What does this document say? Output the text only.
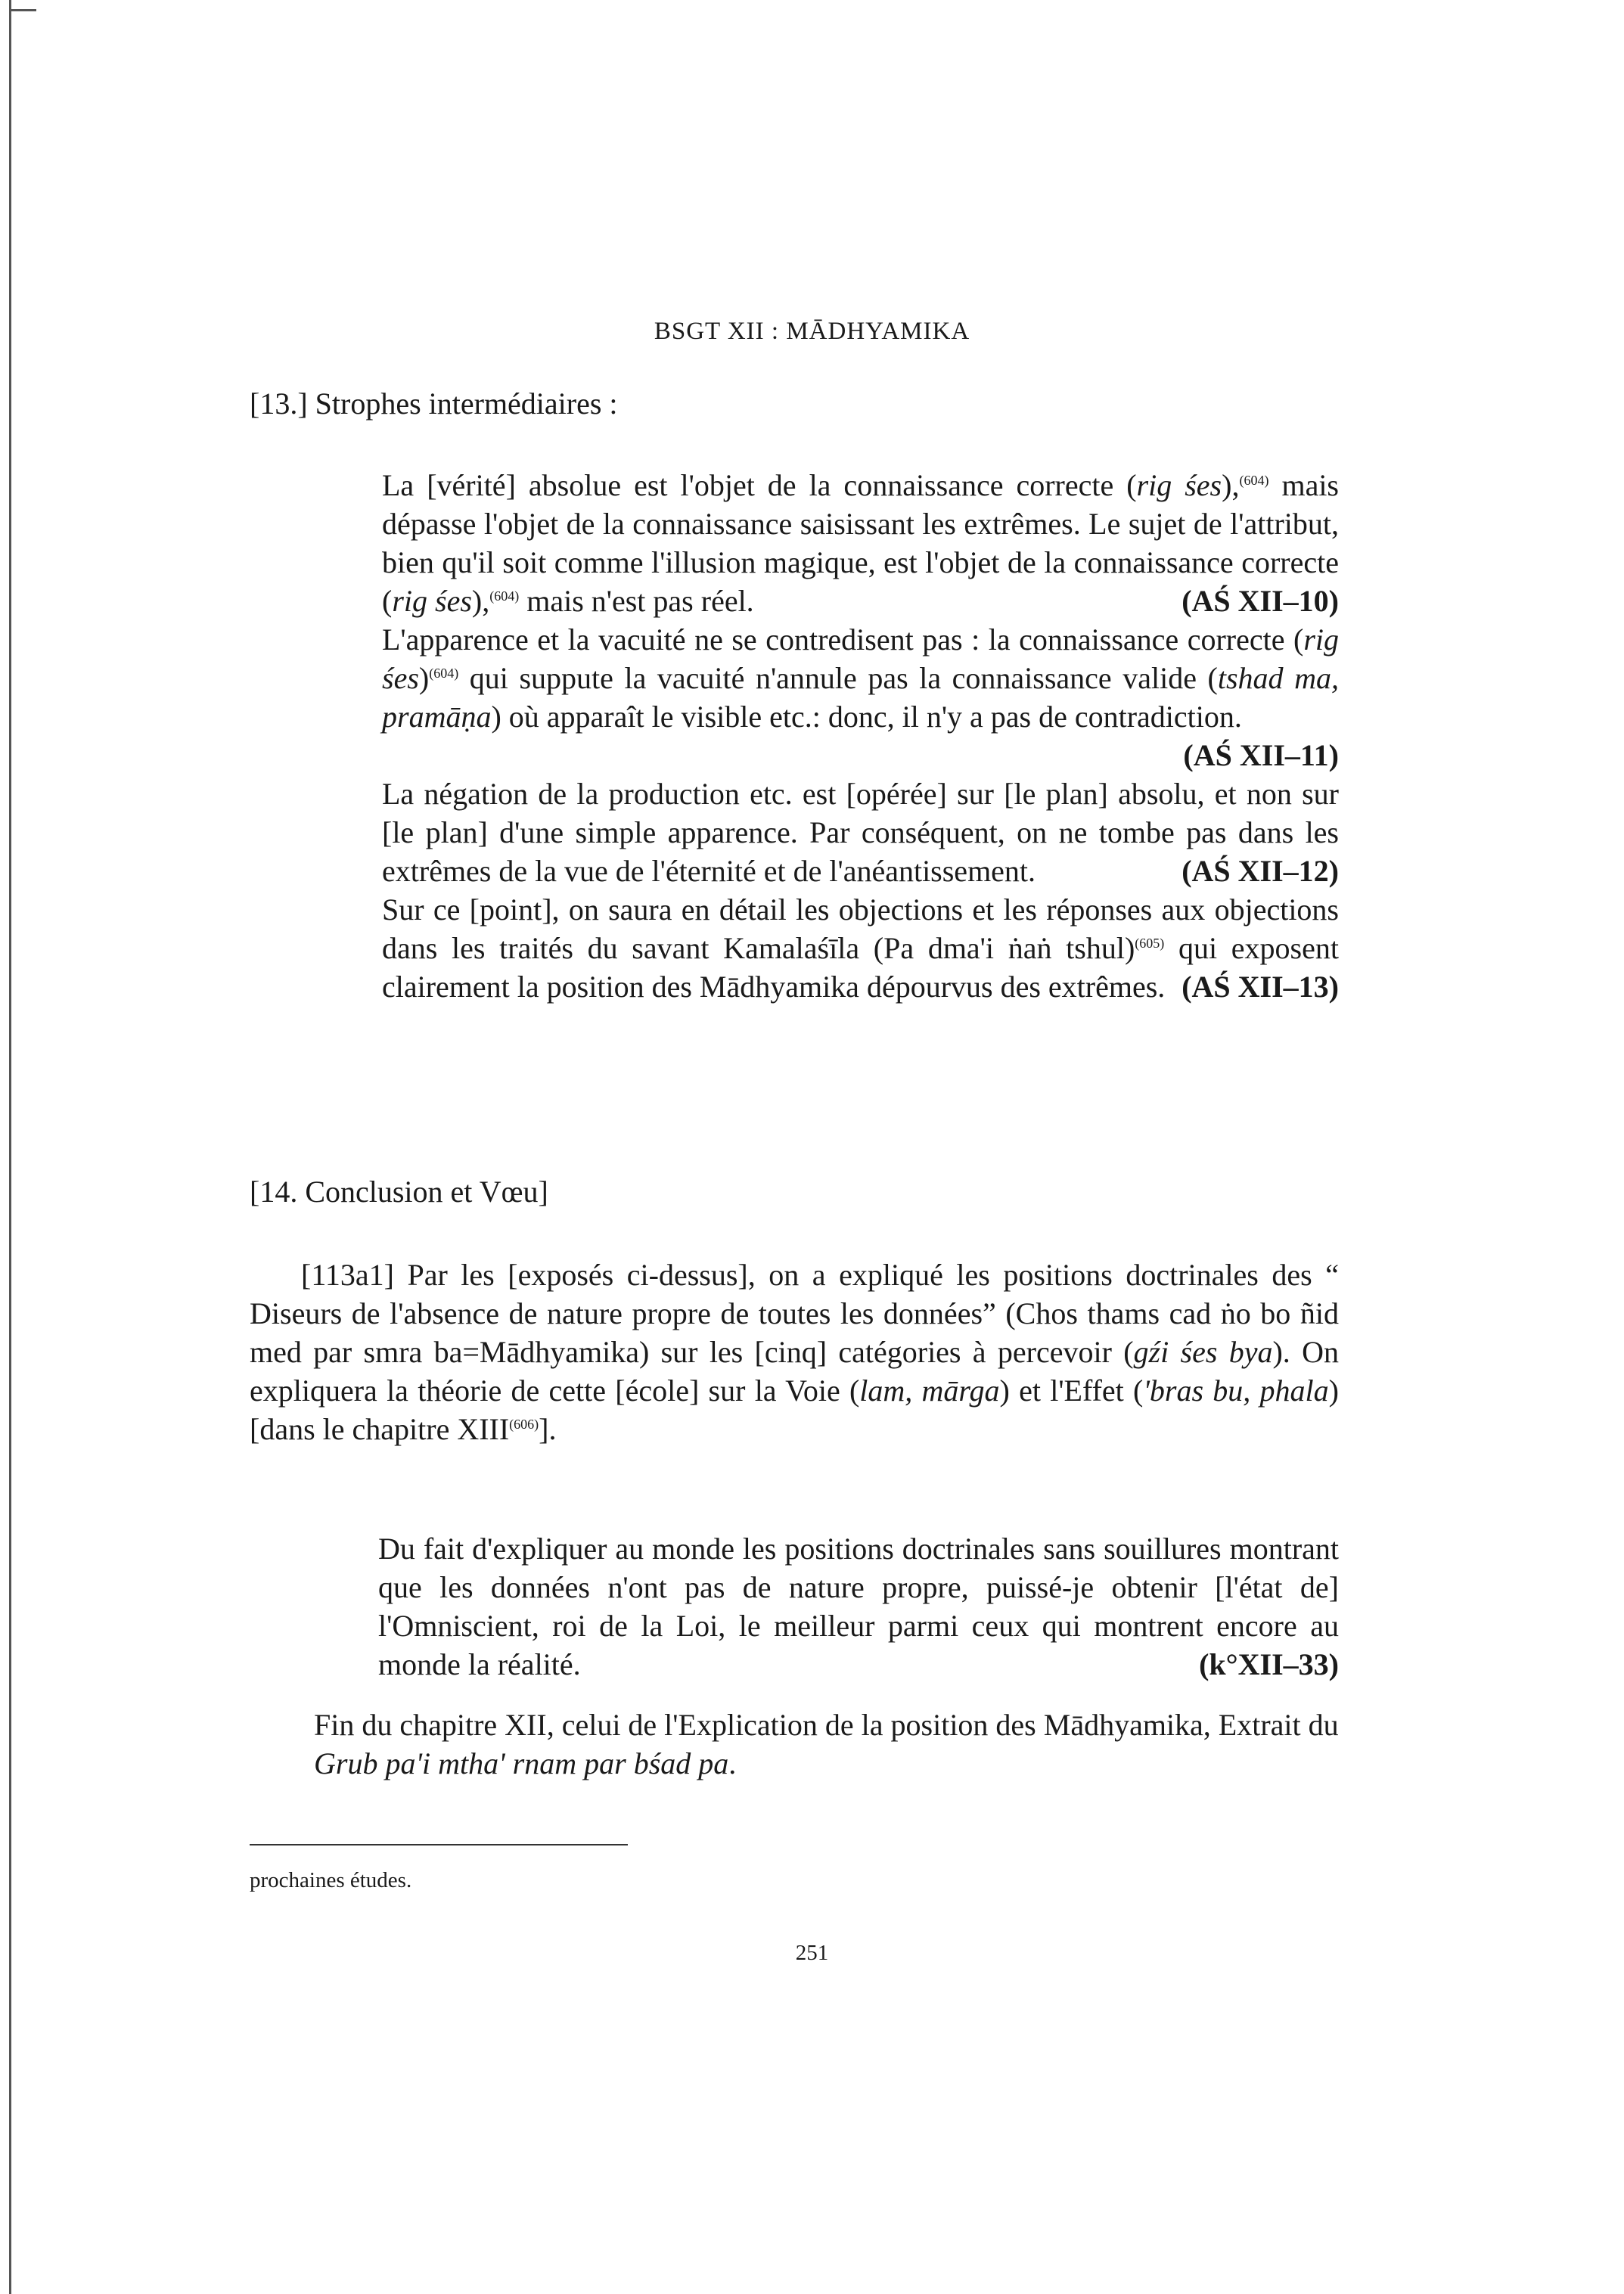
BSGT XII : MĀDHYAMIKA
[13.] Strophes intermédiaires :

La [vérité] absolue est l'objet de la connaissance correcte (rig śes),$^{(604)}$ mais dépasse l'objet de la connaissance saisissant les extrêmes. Le sujet de l'attribut, bien qu'il soit comme l'illusion magique, est l'objet de la connaissance correcte (rig śes),$^{(604)}$ mais n'est pas réel.	(AŚ XII–10)

L'apparence et la vacuité ne se contredisent pas : la connaissance correcte (rig śes)$^{(604)}$ qui suppute la vacuité n'annule pas la connaissance valide (tshad ma, pramāṇa) où apparaît le visible etc.: donc, il n'y a pas de contradiction.
(AŚ XII–11)

La négation de la production etc. est [opérée] sur [le plan] absolu, et non sur [le plan] d'une simple apparence. Par conséquent, on ne tombe pas dans les extrêmes de la vue de l'éternité et de l'anéantissement.	(AŚ XII–12)

Sur ce [point], on saura en détail les objections et les réponses aux objections dans les traités du savant Kamalaśīla (Pa dma'i ṅaṅ tshul)$^{(605)}$ qui exposent clairement la position des Mādhyamika dépourvus des extrêmes. (AŚ XII–13)

[14. Conclusion et Vœu]

[113a1] Par les [exposés ci-dessus], on a expliqué les positions doctrinales des “ Diseurs de l'absence de nature propre de toutes les données” (Chos thams cad ṅo bo ñid med par smra ba=Mādhyamika) sur les [cinq] catégories à percevoir (gźi śes bya). On expliquera la théorie de cette [école] sur la Voie (lam, mārga) et l'Effet ('bras bu, phala) [dans le chapitre XIII$^{(606)}$].

Du fait d'expliquer au monde les positions doctrinales sans souillures montrant que les données n'ont pas de nature propre, puissé-je obtenir [l'état de] l'Omniscient, roi de la Loi, le meilleur parmi ceux qui montrent encore au monde la réalité.	(k°XII–33)

Fin du chapitre XII, celui de l'Explication de la position des Mādhyamika, Extrait du Grub pa'i mtha' rnam par bśad pa.

prochaines études.
251
